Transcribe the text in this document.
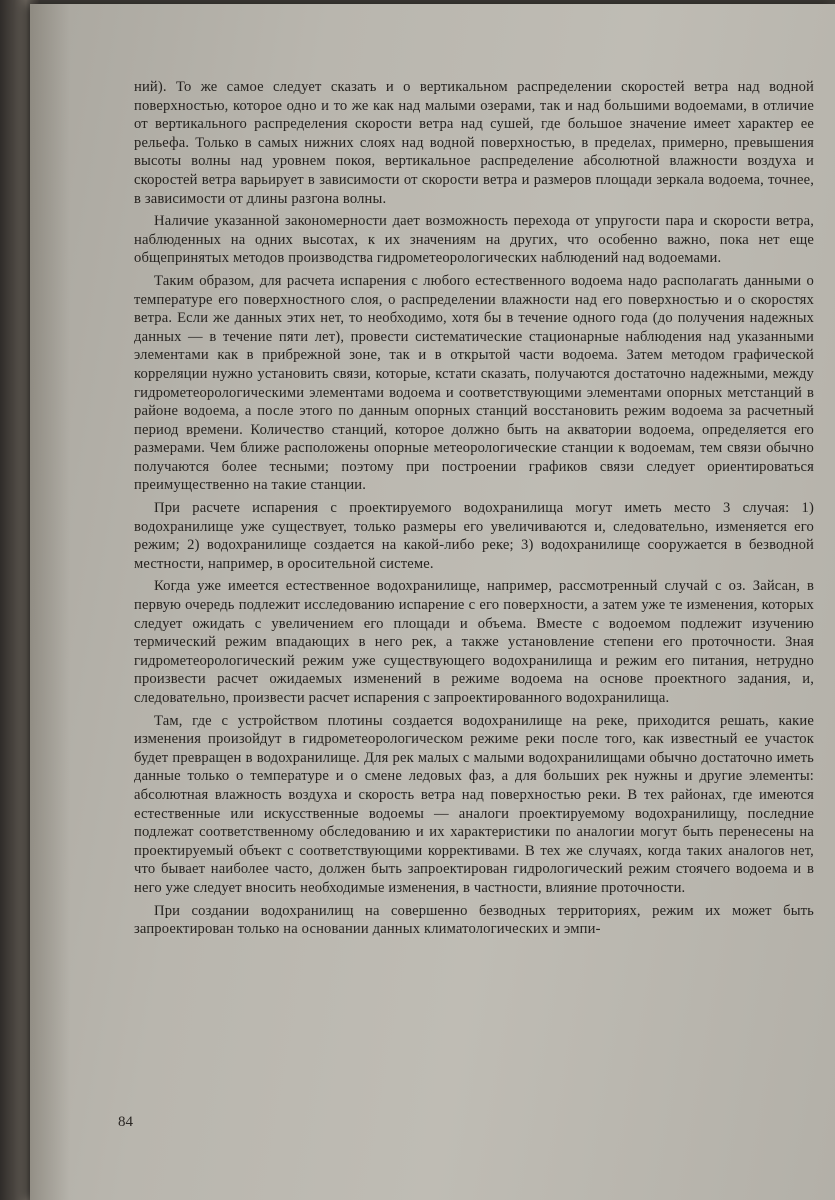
ний). То же самое следует сказать и о вертикальном распределении скоростей ветра над водной поверхностью, которое одно и то же как над малыми озерами, так и над большими водоемами, в отличие от вертикального распределения скорости ветра над сушей, где большое значение имеет характер ее рельефа. Только в самых нижних слоях над водной поверхностью, в пределах, примерно, превышения высоты волны над уровнем покоя, вертикальное распределение абсолютной влажности воздуха и скоростей ветра варьирует в зависимости от скорости ветра и размеров площади зеркала водоема, точнее, в зависимости от длины разгона волны.

Наличие указанной закономерности дает возможность перехода от упругости пара и скорости ветра, наблюденных на одних высотах, к их значениям на других, что особенно важно, пока нет еще общепринятых методов производства гидрометеорологических наблюдений над водоемами.

Таким образом, для расчета испарения с любого естественного водоема надо располагать данными о температуре его поверхностного слоя, о распределении влажности над его поверхностью и о скоростях ветра. Если же данных этих нет, то необходимо, хотя бы в течение одного года (до получения надежных данных — в течение пяти лет), провести систематические стационарные наблюдения над указанными элементами как в прибрежной зоне, так и в открытой части водоема. Затем методом графической корреляции нужно установить связи, которые, кстати сказать, получаются достаточно надежными, между гидрометеорологическими элементами водоема и соответствующими элементами опорных метстанций в районе водоема, а после этого по данным опорных станций восстановить режим водоема за расчетный период времени. Количество станций, которое должно быть на акватории водоема, определяется его размерами. Чем ближе расположены опорные метеорологические станции к водоемам, тем связи обычно получаются более тесными; поэтому при построении графиков связи следует ориентироваться преимущественно на такие станции.

При расчете испарения с проектируемого водохранилища могут иметь место 3 случая: 1) водохранилище уже существует, только размеры его увеличиваются и, следовательно, изменяется его режим; 2) водохранилище создается на какой-либо реке; 3) водохранилище сооружается в безводной местности, например, в оросительной системе.

Когда уже имеется естественное водохранилище, например, рассмотренный случай с оз. Зайсан, в первую очередь подлежит исследованию испарение с его поверхности, а затем уже те изменения, которых следует ожидать с увеличением его площади и объема. Вместе с водоемом подлежит изучению термический режим впадающих в него рек, а также установление степени его проточности. Зная гидрометеорологический режим уже существующего водохранилища и режим его питания, нетрудно произвести расчет ожидаемых изменений в режиме водоема на основе проектного задания, и, следовательно, произвести расчет испарения с запроектированного водохранилища.

Там, где с устройством плотины создается водохранилище на реке, приходится решать, какие изменения произойдут в гидрометеорологическом режиме реки после того, как известный ее участок будет превращен в водохранилище. Для рек малых с малыми водохранилищами обычно достаточно иметь данные только о температуре и о смене ледовых фаз, а для больших рек нужны и другие элементы: абсолютная влажность воздуха и скорость ветра над поверхностью реки. В тех районах, где имеются естественные или искусственные водоемы — аналоги проектируемому водохранилищу, последние подлежат соответственному обследованию и их характеристики по аналогии могут быть перенесены на проектируемый объект с соответствующими коррективами. В тех же случаях, когда таких аналогов нет, что бывает наиболее часто, должен быть запроектирован гидрологический режим стоячего водоема и в него уже следует вносить необходимые изменения, в частности, влияние проточности.

При создании водохранилищ на совершенно безводных территориях, режим их может быть запроектирован только на основании данных климатологических и эмпи-

84
